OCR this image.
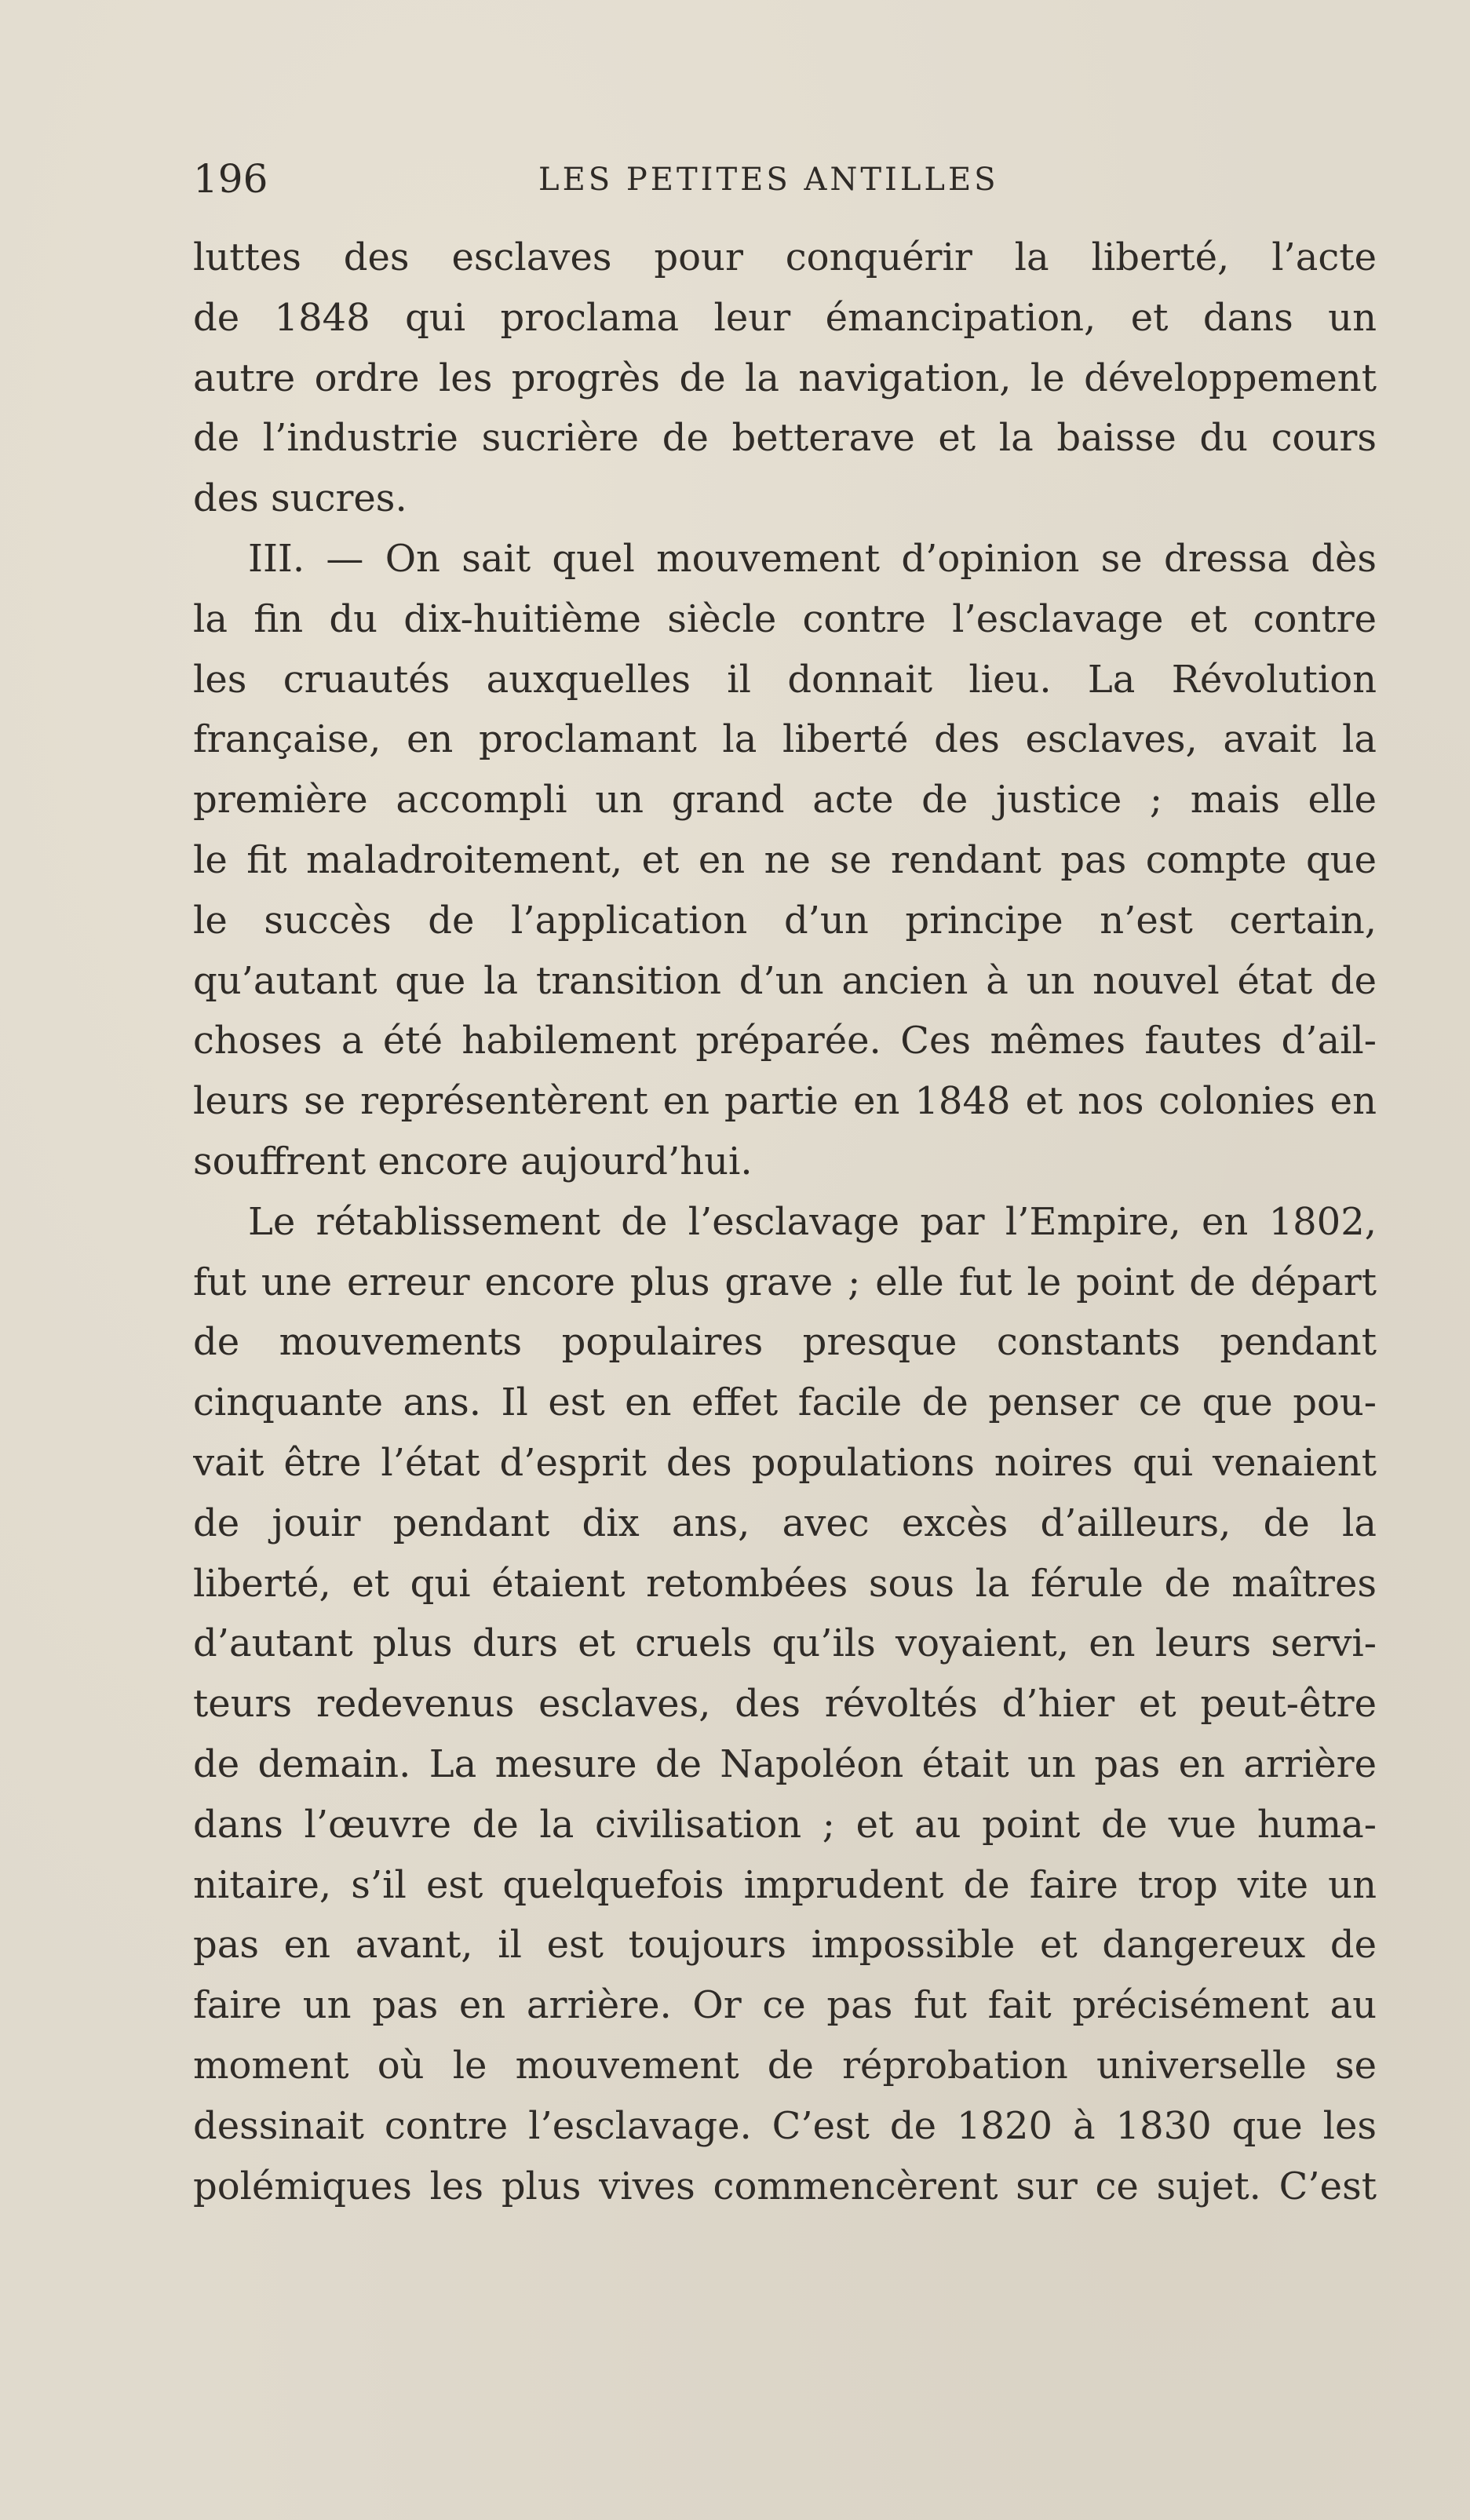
196	LES PETITES ANTILLES
luttes des esclaves pour conquérir la liberté, l’acte
de 1848 qui proclama leur émancipation, et dans un
autre ordre les progrès de la navigation, le développement
de l’industrie sucrière de betterave et la baisse du cours
des sucres.
III. — On sait quel mouvement d’opinion se dressa dès
la fin du dix-huitième siècle contre l’esclavage et contre
les cruautés auxquelles il donnait lieu. La Révolution
française, en proclamant la liberté des esclaves, avait la
première accompli un grand acte de justice ; mais elle
le fit maladroitement, et en ne se rendant pas compte que
le succès de l’application d’un principe n’est certain,
qu’autant que la transition d’un ancien à un nouvel état de
choses a été habilement préparée. Ces mêmes fautes d’ail-
leurs se représentèrent en partie en 1848 et nos colonies en
souffrent encore aujourd’hui.
Le rétablissement de l’esclavage par l’Empire, en 1802,
fut une erreur encore plus grave ; elle fut le point de départ
de mouvements populaires presque constants pendant
cinquante ans. Il est en effet facile de penser ce que pou-
vait être l’état d’esprit des populations noires qui venaient
de jouir pendant dix ans, avec excès d’ailleurs, de la
liberté, et qui étaient retombées sous la férule de maîtres
d’autant plus durs et cruels qu’ils voyaient, en leurs servi-
teurs redevenus esclaves, des révoltés d’hier et peut-être
de demain. La mesure de Napoléon était un pas en arrière
dans l’œuvre de la civilisation ; et au point de vue huma-
nitaire, s’il est quelquefois imprudent de faire trop vite un
pas en avant, il est toujours impossible et dangereux de
faire un pas en arrière. Or ce pas fut fait précisément au
moment où le mouvement de réprobation universelle se
dessinait contre l’esclavage. C’est de 1820 à 1830 que les
polémiques les plus vives commencèrent sur ce sujet. C’est
